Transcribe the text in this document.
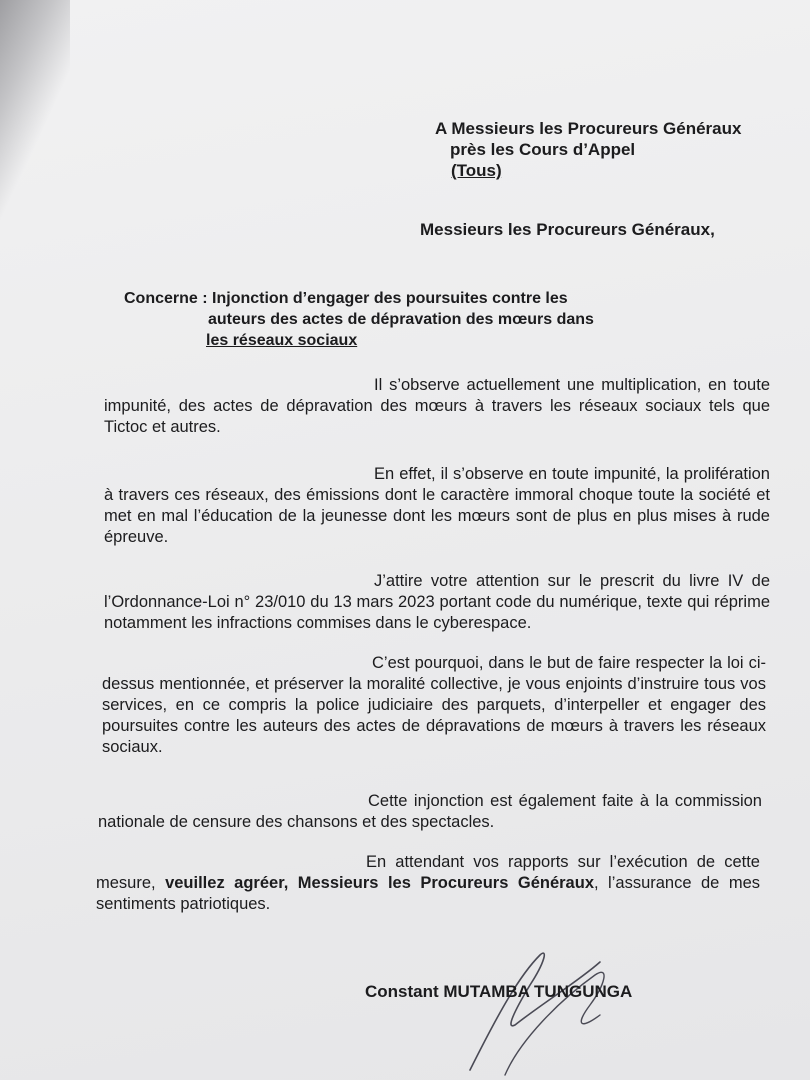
A Messieurs les Procureurs Généraux
près les Cours d’Appel
(Tous)
Messieurs les Procureurs Généraux,
Concerne : Injonction d’engager des poursuites contre les
auteurs des actes de dépravation des mœurs dans
les réseaux sociaux

Il s’observe actuellement une multiplication, en toute impunité, des actes de dépravation des mœurs à travers les réseaux sociaux tels que Tictoc et autres.

En effet, il s’observe en toute impunité, la prolifération à travers ces réseaux, des émissions dont le caractère immoral choque toute la société et met en mal l’éducation de la jeunesse dont les mœurs sont de plus en plus mises à rude épreuve.

J’attire votre attention sur le prescrit du livre IV de l’Ordonnance-Loi n° 23/010 du 13 mars 2023 portant code du numérique, texte qui réprime notamment les infractions commises dans le cyberespace.

C’est pourquoi, dans le but de faire respecter la loi ci-dessus mentionnée, et préserver la moralité collective, je vous enjoints d’instruire tous vos services, en ce compris la police judiciaire des parquets, d’interpeller et engager des poursuites contre les auteurs des actes de dépravations de mœurs à travers les réseaux sociaux.

Cette injonction est également faite à la commission nationale de censure des chansons et des spectacles.

En attendant vos rapports sur l’exécution de cette mesure, veuillez agréer, Messieurs les Procureurs Généraux, l’assurance de mes sentiments patriotiques.

Constant MUTAMBA TUNGUNGA
